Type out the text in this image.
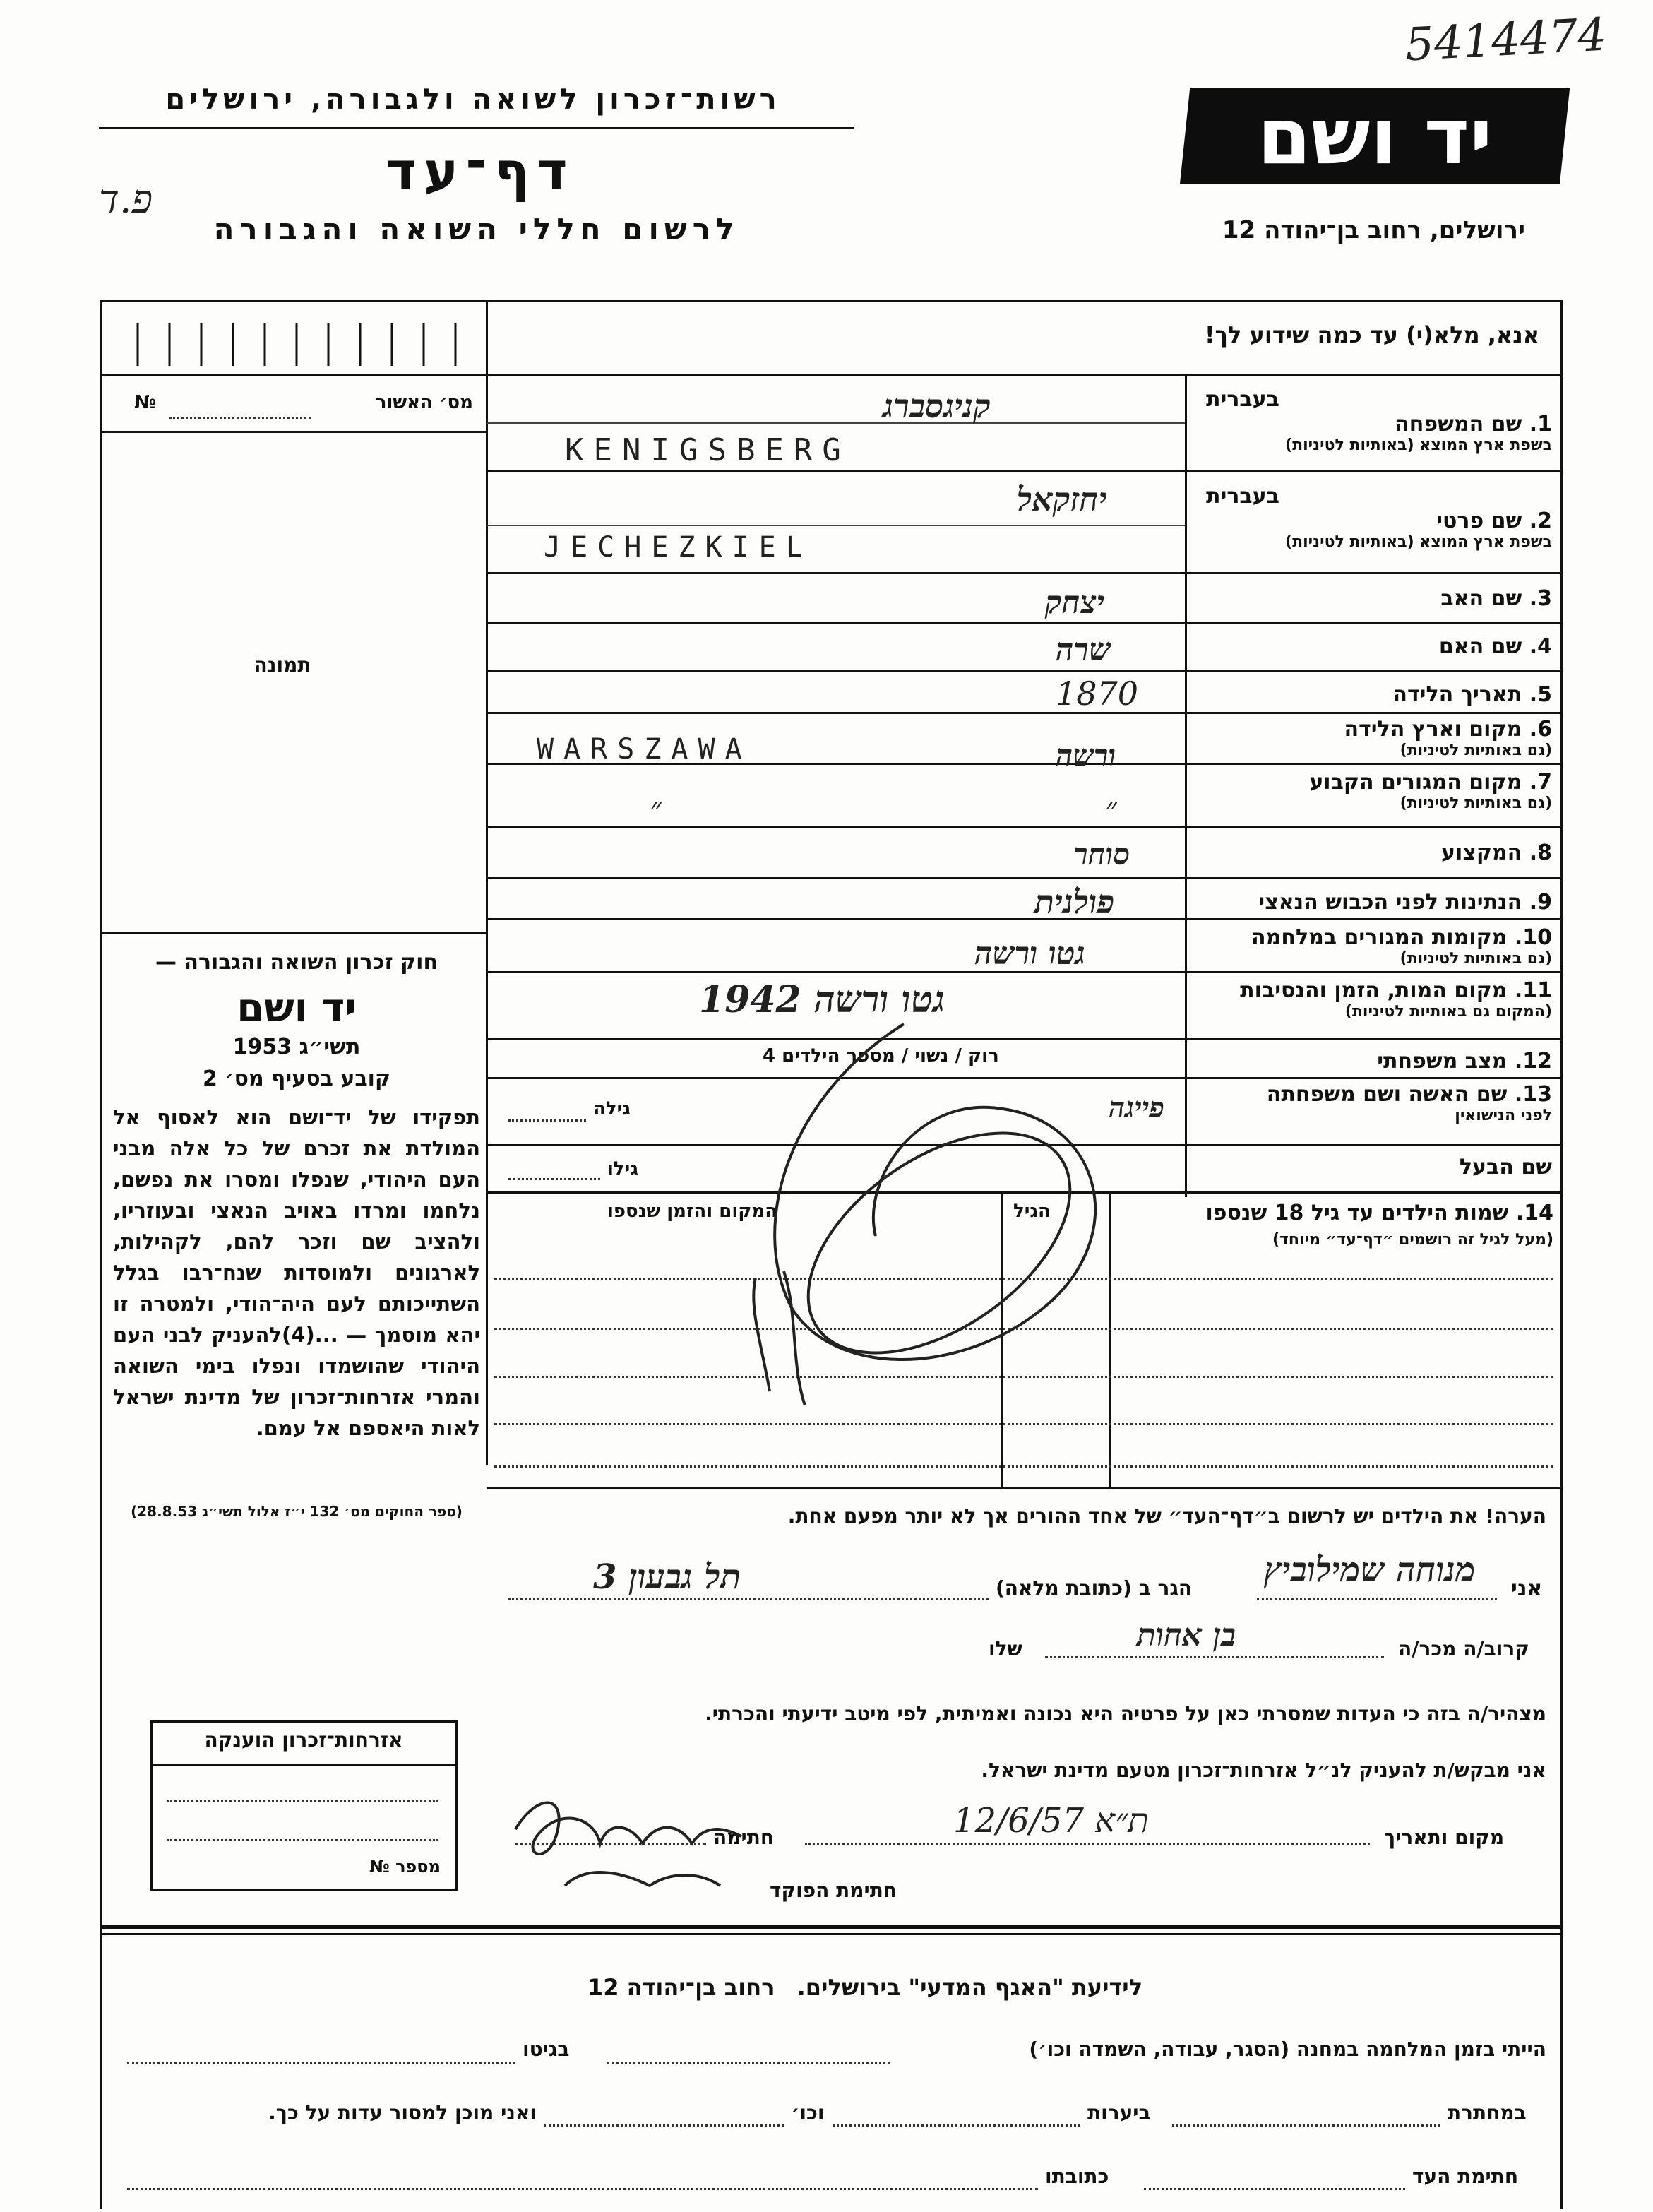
5414474
רשות־זכרון לשואה ולגבורה, ירושלים
דף־עד
פ.ד
לרשום חללי השואה והגבורה
יד ושם
ירושלים, רחוב בן־יהודה 12
אנא, מלא(י) עד כמה שידוע לך!
מס׳ האשור
№
תמונה
חוק זכרון השואה והגבורה —
יד ושם
תשי״ג 1953
קובע בסעיף מס׳ 2
תפקידו של יד־ושם הוא לאסוף אל המולדת את זכרם של כל אלה מבני העם היהודי, שנפלו ומסרו את נפשם, נלחמו ומרדו באויב הנאצי ובעוזריו, ולהציב שם וזכר להם, לקהילות, לארגונים ולמוסדות שנח־רבו בגלל השתייכותם לעם היה־הודי, ולמטרה זו יהא מוסמך — ...(4)להעניק לבני העם היהודי שהושמדו ונפלו בימי השואה והמרי אזרחות־זכרון של מדינת ישראל לאות היאספם אל עמם.
(ספר החוקים מס׳ 132 י״ז אלול תשי״ג 28.8.53)
בעברית
1. שם המשפחה
בשפת ארץ המוצא (באותיות לטיניות)
בעברית
2. שם פרטי
בשפת ארץ המוצא (באותיות לטיניות)
3. שם האב
4. שם האם
5. תאריך הלידה
6. מקום וארץ הלידה
(גם באותיות לטיניות)
7. מקום המגורים הקבוע
(גם באותיות לטיניות)
8. המקצוע
9. הנתינות לפני הכבוש הנאצי
10. מקומות המגורים במלחמה
(גם באותיות לטיניות)
11. מקום המות, הזמן והנסיבות
(המקום גם באותיות לטיניות)
12. מצב משפחתי
13. שם האשה ושם משפחתה
לפני הנישואין
שם הבעל
קניגסברג
KENIGSBERG
יחזקאל
JECHEZKIEL
יצחק
שרה
1870
ורשה
WARSZAWA
״
״
סוחר
פולנית
גטו ורשה
גטו ורשה 1942
רוק / נשוי / מספר הילדים 4
פייגה
גילה
גילו
14. שמות הילדים עד גיל 18 שנספו
(מעל לגיל זה רושמים ״דף־עד״ מיוחד)
הגיל
המקום והזמן שנספו
הערה! את הילדים יש לרשום ב״דף־העד״ של אחד ההורים אך לא יותר מפעם אחת.
אני
מנוחה שמילוביץ
הגר ב (כתובת מלאה)
תל גבעון 3
קרוב/ה מכר/ה
בן אחות
שלו
מצהיר/ה בזה כי העדות שמסרתי כאן על פרטיה היא נכונה ואמיתית, לפי מיטב ידיעתי והכרתי.
אני מבקש/ת להעניק לנ״ל אזרחות־זכרון מטעם מדינת ישראל.
מקום ותאריך
12/6/57 ת״א
חתימה
חתימת הפוקד
אזרחות־זכרון הוענקה
מספר №
לידיעת "האגף המדעי" בירושלים. רחוב בן־יהודה 12
הייתי בזמן המלחמה במחנה (הסגר, עבודה, השמדה וכו׳)
בגיטו
במחתרת
ביערות
וכו׳
ואני מוכן למסור עדות על כך.
חתימת העד
כתובתו
